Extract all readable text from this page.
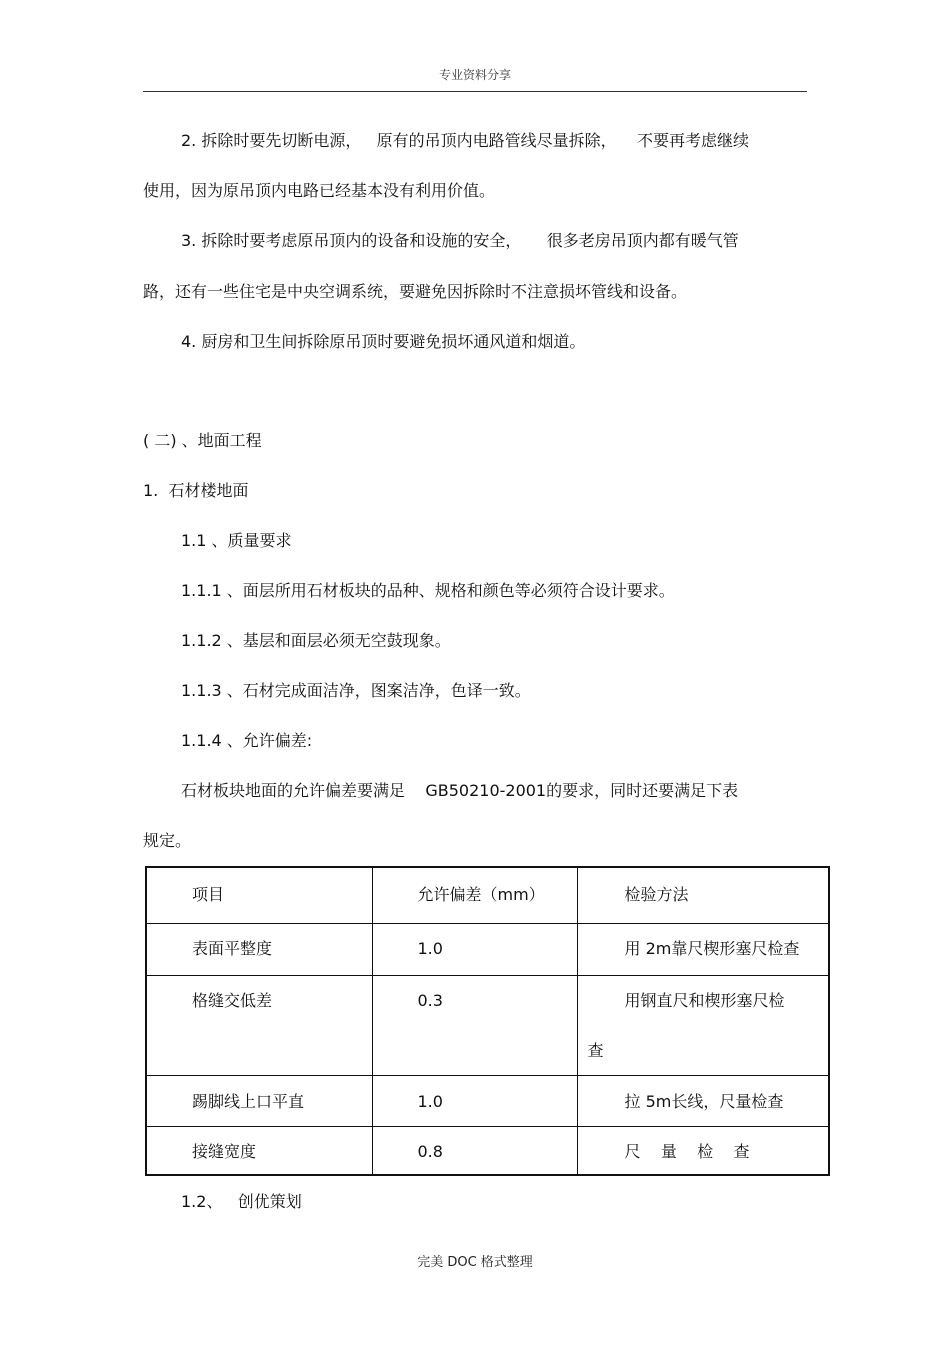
专业资料分享
2. 拆除时要先切断电源，   原有的吊顶内电路管线尽量拆除，    不要再考虑继续
使用，因为原吊顶内电路已经基本没有利用价值。
3. 拆除时要考虑原吊顶内的设备和设施的安全，     很多老房吊顶内都有暖气管
路，还有一些住宅是中央空调系统，要避免因拆除时不注意损坏管线和设备。
4. 厨房和卫生间拆除原吊顶时要避免损坏通风道和烟道。
( 二) 、地面工程
1.  石材楼地面
1.1 、质量要求
1.1.1 、面层所用石材板块的品种、规格和颜色等必须符合设计要求。
1.1.2 、基层和面层必须无空鼓现象。
1.1.3 、石材完成面洁净，图案洁净，色译一致。
1.1.4 、允许偏差:
石材板块地面的允许偏差要满足    GB50210-2001的要求，同时还要满足下表
规定。
项目	允许偏差（mm）	检验方法

表面平整度	1.0	用 2m靠尺楔形塞尺检查

格缝交低差	0.3	用钢直尺和楔形塞尺检
查

踢脚线上口平直	1.0	拉 5m长线，尺量检查

接缝宽度	0.8	尺    量    检    查
1.2、   创优策划
完美 DOC 格式整理
